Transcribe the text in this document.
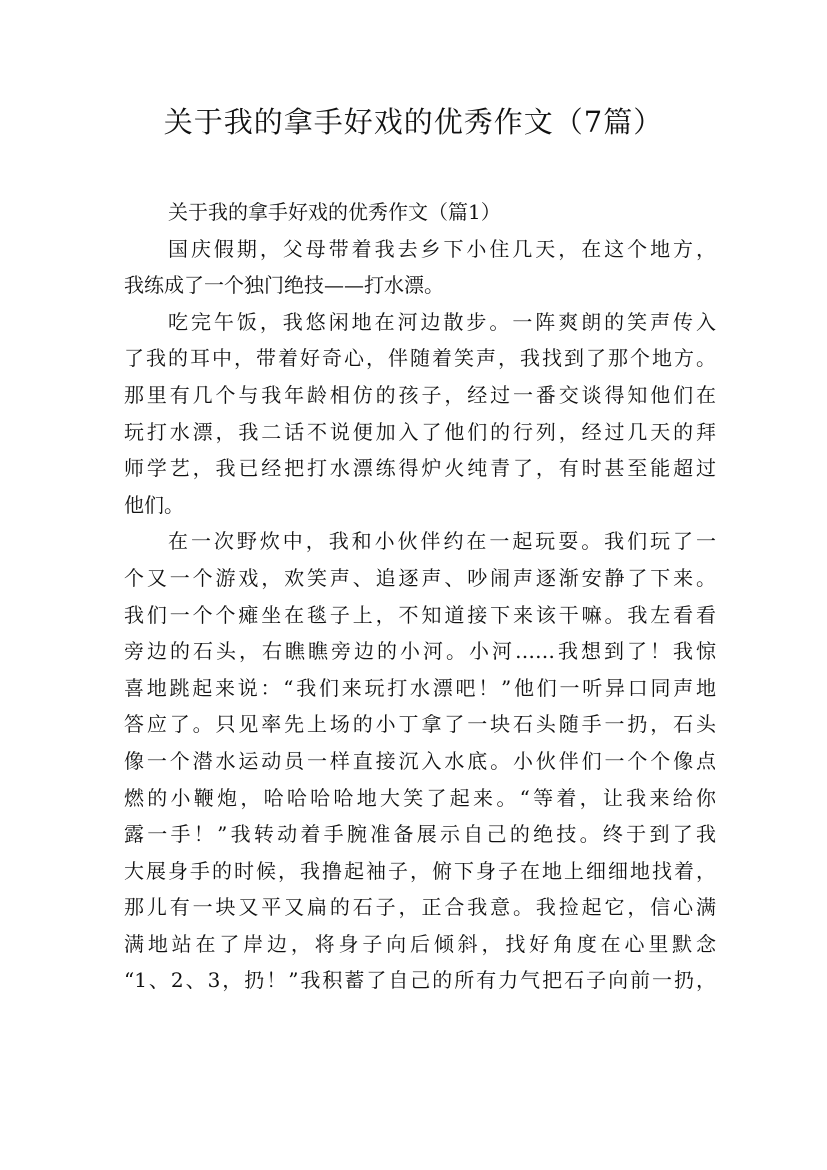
关于我的拿手好戏的优秀作文（7篇）
关于我的拿手好戏的优秀作文（篇1）
国庆假期，父母带着我去乡下小住几天，在这个地方，
我练成了一个独门绝技——打水漂。
吃完午饭，我悠闲地在河边散步。一阵爽朗的笑声传入
了我的耳中，带着好奇心，伴随着笑声，我找到了那个地方。
那里有几个与我年龄相仿的孩子，经过一番交谈得知他们在
玩打水漂，我二话不说便加入了他们的行列，经过几天的拜
师学艺，我已经把打水漂练得炉火纯青了，有时甚至能超过
他们。
在一次野炊中，我和小伙伴约在一起玩耍。我们玩了一
个又一个游戏，欢笑声、追逐声、吵闹声逐渐安静了下来。
我们一个个瘫坐在毯子上，不知道接下来该干嘛。我左看看
旁边的石头，右瞧瞧旁边的小河。小河……我想到了！我惊
喜地跳起来说：“我们来玩打水漂吧！”他们一听异口同声地
答应了。只见率先上场的小丁拿了一块石头随手一扔，石头
像一个潜水运动员一样直接沉入水底。小伙伴们一个个像点
燃的小鞭炮，哈哈哈哈地大笑了起来。“等着，让我来给你
露一手！”我转动着手腕准备展示自己的绝技。终于到了我
大展身手的时候，我撸起袖子，俯下身子在地上细细地找着，
那儿有一块又平又扁的石子，正合我意。我捡起它，信心满
满地站在了岸边，将身子向后倾斜，找好角度在心里默念
“1、2、3，扔！”我积蓄了自己的所有力气把石子向前一扔，
